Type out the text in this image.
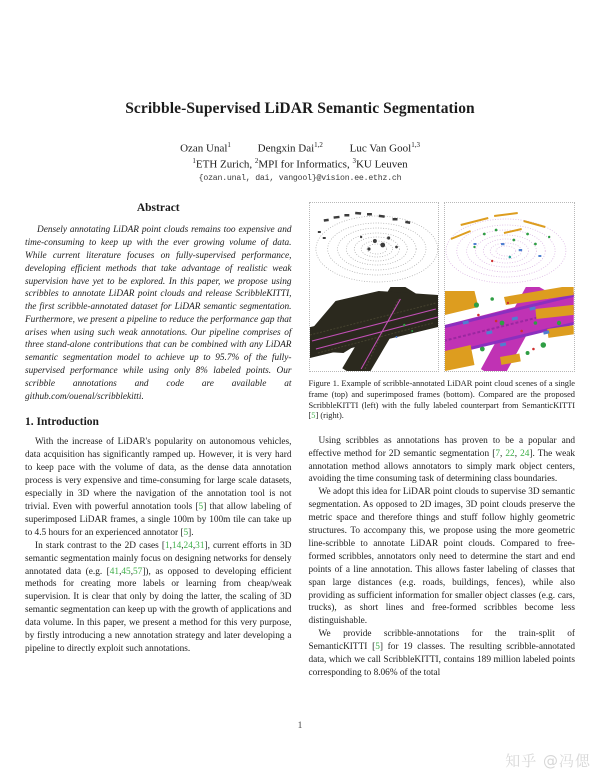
Scribble-Supervised LiDAR Semantic Segmentation
Ozan Unal$^1$ Dengxin Dai$^{1,2}$ Luc Van Gool$^{1,3}$
$^1$ETH Zurich, $^2$MPI for Informatics, $^3$KU Leuven
{ozan.unal, dai, vangool}@vision.ee.ethz.ch
Abstract

Densely annotating LiDAR point clouds remains too expensive and time-consuming to keep up with the ever growing volume of data. While current literature focuses on fully-supervised performance, developing efficient methods that take advantage of realistic weak supervision have yet to be explored. In this paper, we propose using scribbles to annotate LiDAR point clouds and release ScribbleKITTI, the first scribble-annotated dataset for LiDAR semantic segmentation. Furthermore, we present a pipeline to reduce the performance gap that arises when using such weak annotations. Our pipeline comprises of three stand-alone contributions that can be combined with any LiDAR semantic segmentation model to achieve up to 95.7% of the fully-supervised performance while using only 8% labeled points. Our scribble annotations and code are available at github.com/ouenal/scribblekitti.

1. Introduction

With the increase of LiDAR's popularity on autonomous vehicles, data acquisition has significantly ramped up. However, it is very hard to keep pace with the volume of data, as the dense data annotation process is very expensive and time-consuming for large scale datasets, especially in 3D where the navigation of the annotation tool is not trivial. Even with powerful annotation tools [5] that allow labeling of superimposed LiDAR frames, a single 100m by 100m tile can take up to 4.5 hours for an experienced annotator [5].

In stark contrast to the 2D cases [1,14,24,31], current efforts in 3D semantic segmentation mainly focus on designing networks for densely annotated data (e.g. [41,45,57]), as opposed to developing efficient methods for creating more labels or learning from cheap/weak supervision. It is clear that only by doing the latter, the scaling of 3D semantic segmentation can keep up with the growth of applications and data volume. In this paper, we present a method for this very purpose, by firstly introducing a new annotation strategy and later developing a pipeline to directly exploit such annotations.

Figure 1. Example of scribble-annotated LiDAR point cloud scenes of a single frame (top) and superimposed frames (bottom). Compared are the proposed ScribbleKITTI (left) with the fully labeled counterpart from SemanticKITTI [5] (right).

Using scribbles as annotations has proven to be a popular and effective method for 2D semantic segmentation [7, 22, 24]. The weak annotation method allows annotators to simply mark object centers, avoiding the time consuming task of determining class boundaries.

We adopt this idea for LiDAR point clouds to supervise 3D semantic segmentation. As opposed to 2D images, 3D point clouds preserve the metric space and therefore things and stuff follow highly geometric structures. To accompany this, we propose using the more geometric line-scribble to annotate LiDAR point clouds. Compared to free-formed scribbles, annotators only need to determine the start and end points of a line annotation. This allows faster labeling of classes that span large distances (e.g. roads, buildings, fences), while also providing as sufficient information for smaller object classes (e.g. cars, trucks), as short lines and free-formed scribbles become less distinguishable.

We provide scribble-annotations for the train-split of SemanticKITTI [5] for 19 classes. The resulting scribble-annotated data, which we call ScribbleKITTI, contains 189 million labeled points corresponding to 8.06% of the total

1
知乎 @冯偲
